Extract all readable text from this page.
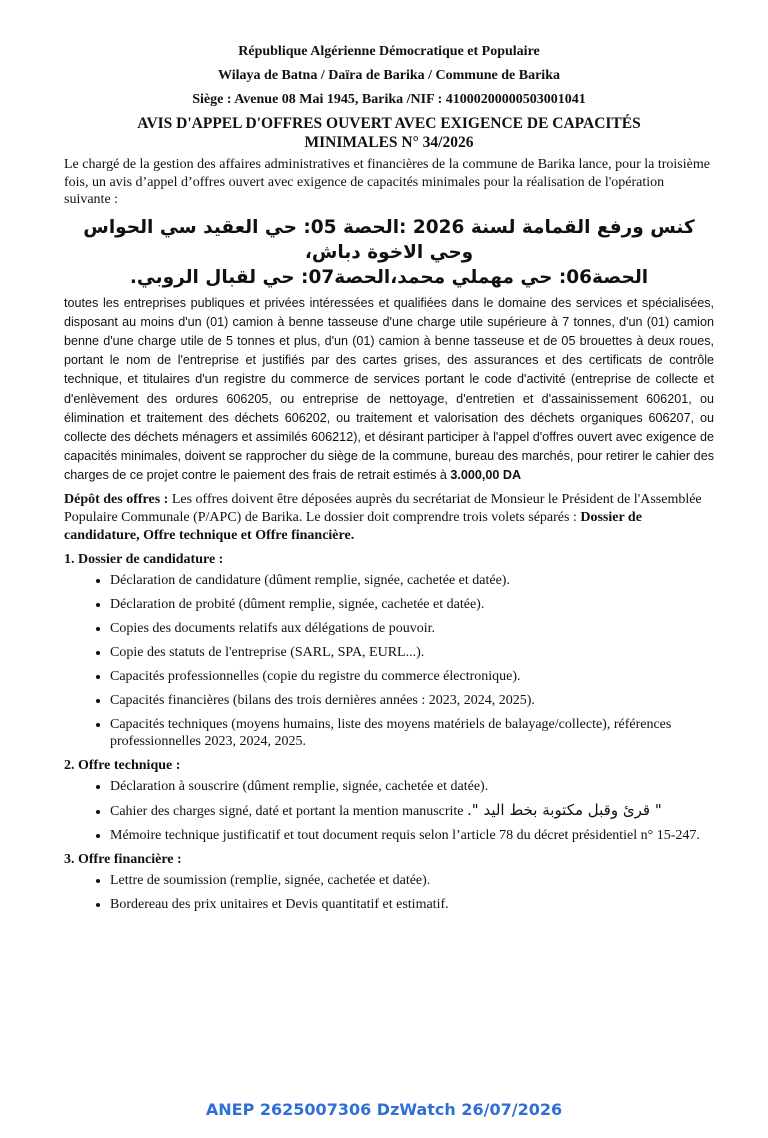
République Algérienne Démocratique et Populaire
Wilaya de Batna / Daïra de Barika / Commune de Barika
Siège : Avenue 08 Mai 1945, Barika /NIF : 41000200000503001041
AVIS D'APPEL D'OFFRES OUVERT AVEC EXIGENCE DE CAPACITÉS
MINIMALES N° 34/2026
Le chargé de la gestion des affaires administratives et financières de la commune de Barika lance, pour la troisième fois, un avis d’appel d’offres ouvert avec exigence de capacités minimales pour la réalisation de l'opération suivante :
كنس ورفع القمامة لسنة 2026 :الحصة 05: حي العقيد سي الحواس وحي الاخوة دباش،
الحصة06: حي مهملي محمد،الحصة07: حي لقبال الروبي.
toutes les entreprises publiques et privées intéressées et qualifiées dans le domaine des services et spécialisées, disposant au moins d'un (01) camion à benne tasseuse d'une charge utile supérieure à 7 tonnes, d'un (01) camion benne d'une charge utile de 5 tonnes et plus, d'un (01) camion à benne tasseuse et de 05 brouettes à deux roues, portant le nom de l'entreprise et justifiés par des cartes grises, des assurances et des certificats de contrôle technique, et titulaires d'un registre du commerce de services portant le code d'activité (entreprise de collecte et d'enlèvement des ordures 606205, ou entreprise de nettoyage, d'entretien et d'assainissement 606201, ou élimination et traitement des déchets 606202, ou traitement et valorisation des déchets organiques 606207, ou collecte des déchets ménagers et assimilés 606212), et désirant participer à l'appel d'offres ouvert avec exigence de capacités minimales, doivent se rapprocher du siège de la commune, bureau des marchés, pour retirer le cahier des charges de ce projet contre le paiement des frais de retrait estimés à 3.000,00 DA
Dépôt des offres : Les offres doivent être déposées auprès du secrétariat de Monsieur le Président de l'Assemblée Populaire Communale (P/APC) de Barika. Le dossier doit comprendre trois volets séparés : Dossier de candidature, Offre technique et Offre financière.
1. Dossier de candidature :
• Déclaration de candidature (dûment remplie, signée, cachetée et datée).
• Déclaration de probité (dûment remplie, signée, cachetée et datée).
• Copies des documents relatifs aux délégations de pouvoir.
• Copie des statuts de l'entreprise (SARL, SPA, EURL...).
• Capacités professionnelles (copie du registre du commerce électronique).
• Capacités financières (bilans des trois dernières années : 2023, 2024, 2025).
• Capacités techniques (moyens humains, liste des moyens matériels de balayage/collecte), références professionnelles 2023, 2024, 2025.
2. Offre technique :
• Déclaration à souscrire (dûment remplie, signée, cachetée et datée).
• Cahier des charges signé, daté et portant la mention manuscrite " قرئ وقبل مكتوبة بخط اليد ".
• Mémoire technique justificatif et tout document requis selon l’article 78 du décret présidentiel n° 15-247.
3. Offre financière :
• Lettre de soumission (remplie, signée, cachetée et datée).
• Bordereau des prix unitaires et Devis quantitatif et estimatif.
ANEP 2625007306 DzWatch 26/07/2026
